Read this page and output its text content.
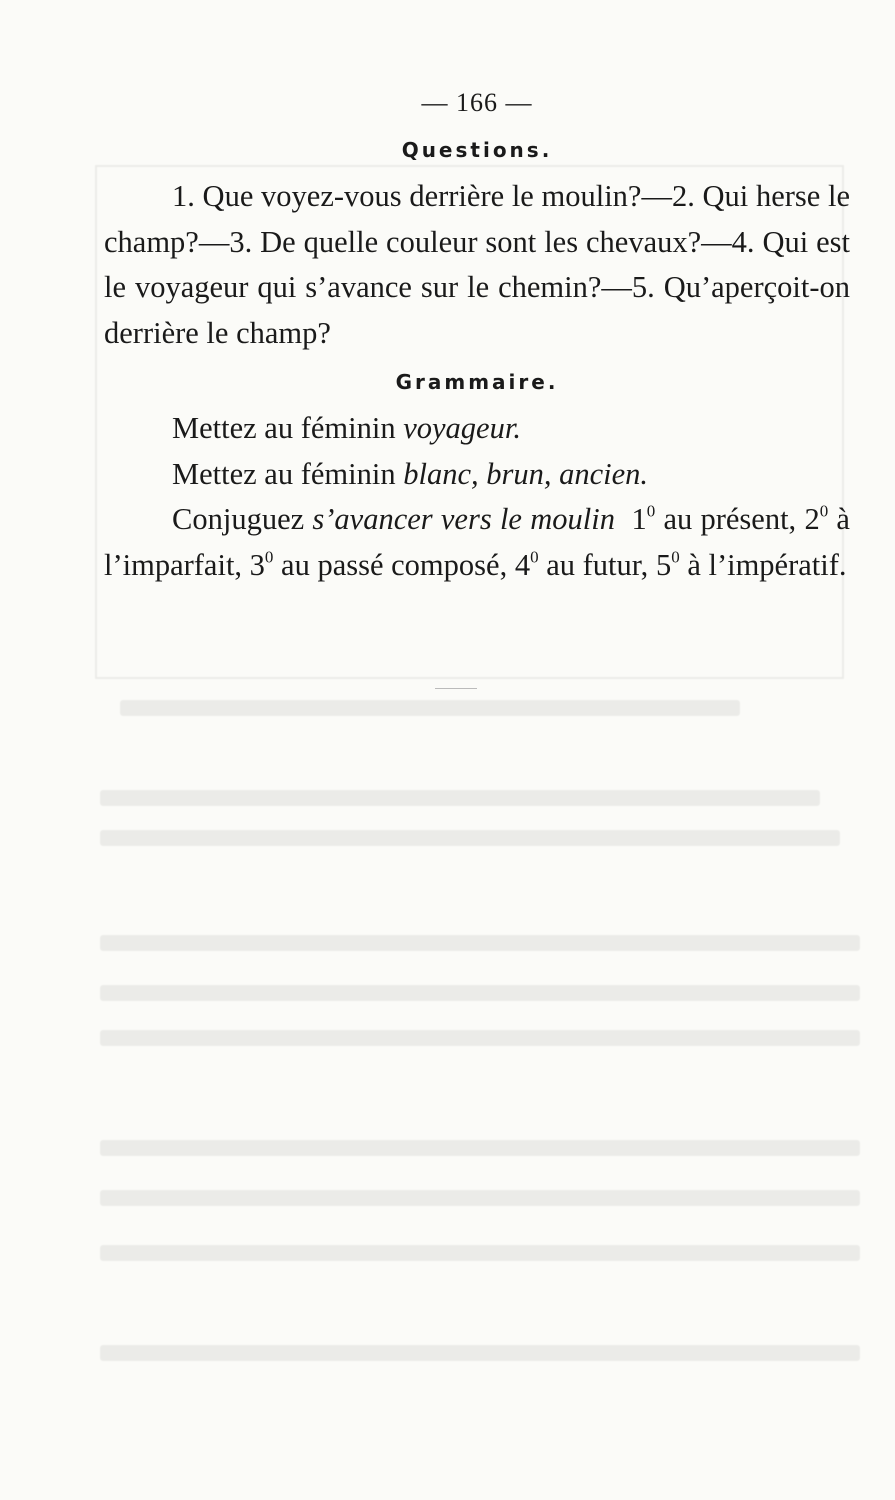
— 166 —

Questions.

1. Que voyez-vous derrière le moulin?—2. Qui herse le champ?—3. De quelle couleur sont les chevaux?—4. Qui est le voyageur qui s’avance sur le chemin?—5. Qu’aperçoit-on derrière le champ?

Grammaire.

Mettez au féminin voyageur.

Mettez au féminin blanc, brun, ancien.

Conjuguez s’avancer vers le moulin $1^0$ au présent, $2^0$ à l’imparfait, $3^0$ au passé composé, $4^0$ au futur, $5^0$ à l’impératif.
